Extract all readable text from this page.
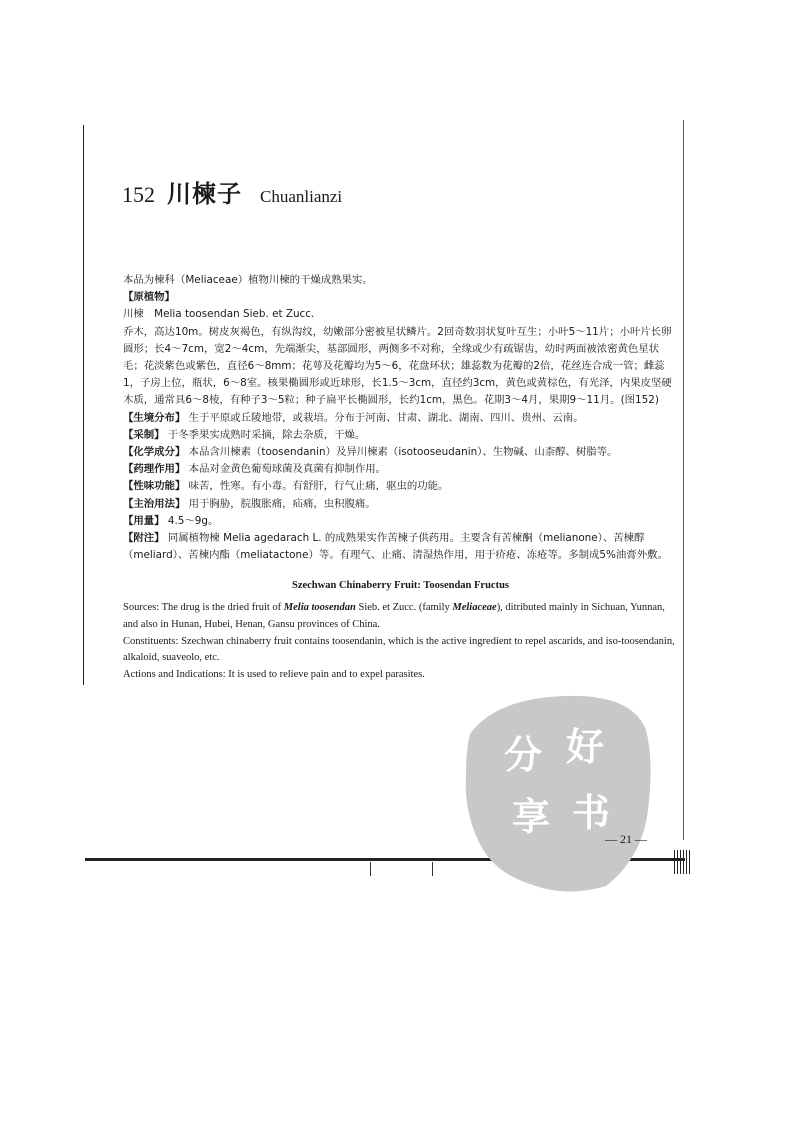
152 川楝子 Chuanlianzi

本品为楝科（Meliaceae）植物川楝的干燥成熟果实。

【原植物】

川楝　Melia toosendan Sieb. et Zucc.

乔木，高达10m。树皮灰褐色，有纵沟纹，幼嫩部分密被星状鳞片。2回奇数羽状复叶互生；小叶5～11片；小叶片长卵圆形；长4～7cm，宽2～4cm，先端渐尖，基部圆形，两侧多不对称，全缘或少有疏锯齿，幼时两面被浓密黄色星状毛；花淡紫色或紫色，直径6～8mm；花萼及花瓣均为5～6，花盘环状；雄蕊数为花瓣的2倍，花丝连合成一管；雌蕊1，子房上位，瓶状，6～8室。核果椭圆形或近球形，长1.5～3cm，直径约3cm，黄色或黄棕色，有光泽，内果皮坚硬木质，通常具6～8棱，有种子3～5粒；种子扁平长椭圆形，长约1cm，黑色。花期3～4月，果期9～11月。(图152)

【生境分布】 生于平原或丘陵地带，或栽培。分布于河南、甘肃、湖北、湖南、四川、贵州、云南。

【采制】 于冬季果实成熟时采摘，除去杂质，干燥。

【化学成分】 本品含川楝素（toosendanin）及异川楝素（isotooseudanin）、生物碱、山柰醇、树脂等。

【药理作用】 本品对金黄色葡萄球菌及真菌有抑制作用。

【性味功能】 味苦，性寒。有小毒。有舒肝，行气止痛，驱虫的功能。

【主治用法】 用于胸胁，脘腹胀痛，疝痛，虫积腹痛。

【用量】 4.5～9g。

【附注】 同属植物楝 Melia agedarach L. 的成熟果实作苦楝子供药用。主要含有苦楝酮（melianone）、苦楝醇（meliard）、苦楝内酯（meliatactone）等。有理气、止痛、清湿热作用，用于疥疮、冻疮等。多制成5%油膏外敷。

Szechwan Chinaberry Fruit: Toosendan Fructus

Sources: The drug is the dried fruit of Melia toosendan Sieb. et Zucc. (family Meliaceae), ditributed mainly in Sichuan, Yunnan, and also in Hunan, Hubei, Henan, Gansu provinces of China.

Constituents: Szechwan chinaberry fruit contains toosendanin, which is the active ingredient to repel ascarids, and iso-toosendanin, alkaloid, suaveolo, etc.

Actions and Indications: It is used to relieve pain and to expel parasites.

分 好
享 书
— 21 —
